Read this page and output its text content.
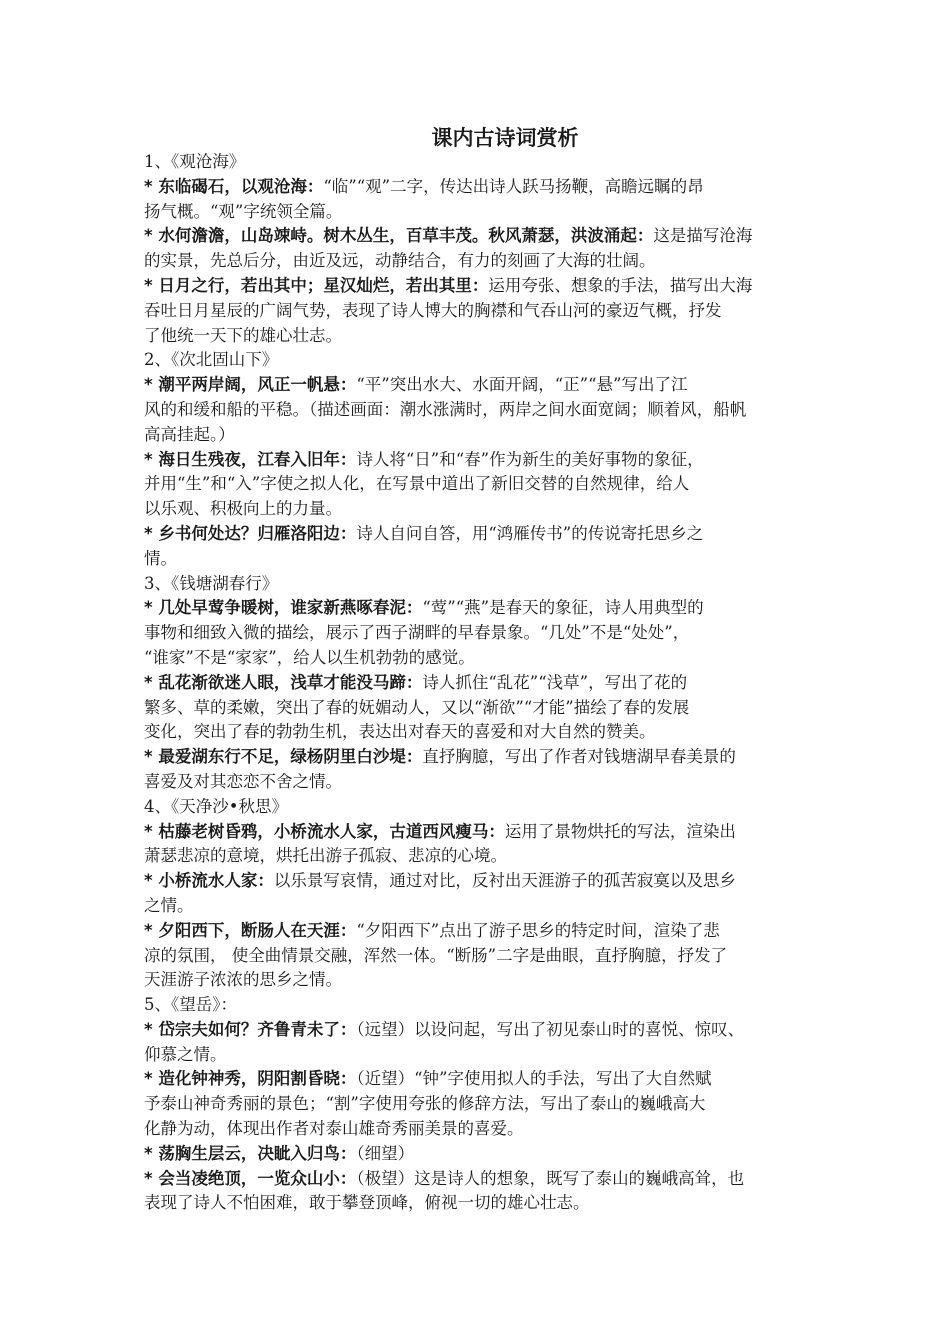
课内古诗词赏析
1、《观沧海》
* 东临碣石，以观沧海：“临”“观”二字，传达出诗人跃马扬鞭，高瞻远瞩的昂
扬气概。“观”字统领全篇。
* 水何澹澹，山岛竦峙。树木丛生，百草丰茂。秋风萧瑟，洪波涌起：这是描写沧海
的实景，先总后分，由近及远，动静结合，有力的刻画了大海的壮阔。
* 日月之行，若出其中；星汉灿烂，若出其里：运用夸张、想象的手法，描写出大海
吞吐日月星辰的广阔气势，表现了诗人博大的胸襟和气吞山河的豪迈气概，抒发
了他统一天下的雄心壮志。
2、《次北固山下》
* 潮平两岸阔，风正一帆悬：“平”突出水大、水面开阔，“正”“悬”写出了江
风的和缓和船的平稳。（描述画面：潮水涨满时，两岸之间水面宽阔；顺着风，船帆
高高挂起。）
* 海日生残夜，江春入旧年：诗人将“日”和“春”作为新生的美好事物的象征，
并用“生”和“入”字使之拟人化，在写景中道出了新旧交替的自然规律，给人
以乐观、积极向上的力量。
* 乡书何处达？归雁洛阳边：诗人自问自答，用“鸿雁传书”的传说寄托思乡之
情。
3、《钱塘湖春行》
* 几处早莺争暖树，谁家新燕啄春泥：“莺”“燕”是春天的象征，诗人用典型的
事物和细致入微的描绘，展示了西子湖畔的早春景象。“几处”不是“处处”，
“谁家”不是“家家”，给人以生机勃勃的感觉。
* 乱花渐欲迷人眼，浅草才能没马蹄：诗人抓住“乱花”“浅草”，写出了花的
繁多、草的柔嫩，突出了春的妩媚动人，又以“渐欲”“才能”描绘了春的发展
变化，突出了春的勃勃生机，表达出对春天的喜爱和对大自然的赞美。
* 最爱湖东行不足，绿杨阴里白沙堤：直抒胸臆，写出了作者对钱塘湖早春美景的
喜爱及对其恋恋不舍之情。
4、《天净沙•秋思》
* 枯藤老树昏鸦，小桥流水人家，古道西风瘦马：运用了景物烘托的写法，渲染出
萧瑟悲凉的意境，烘托出游子孤寂、悲凉的心境。
* 小桥流水人家：以乐景写哀情，通过对比，反衬出天涯游子的孤苦寂寞以及思乡
之情。
* 夕阳西下，断肠人在天涯：“夕阳西下”点出了游子思乡的特定时间，渲染了悲
凉的氛围， 使全曲情景交融，浑然一体。“断肠”二字是曲眼，直抒胸臆，抒发了
天涯游子浓浓的思乡之情。
5、《望岳》：
* 岱宗夫如何？齐鲁青未了：（远望）以设问起，写出了初见泰山时的喜悦、惊叹、
仰慕之情。
* 造化钟神秀，阴阳割昏晓：（近望）“钟”字使用拟人的手法，写出了大自然赋
予泰山神奇秀丽的景色；“割”字使用夸张的修辞方法，写出了泰山的巍峨高大
化静为动，体现出作者对泰山雄奇秀丽美景的喜爱。
* 荡胸生层云，决眦入归鸟：（细望）
* 会当凌绝顶，一览众山小：（极望）这是诗人的想象，既写了泰山的巍峨高耸，也
表现了诗人不怕困难，敢于攀登顶峰，俯视一切的雄心壮志。
